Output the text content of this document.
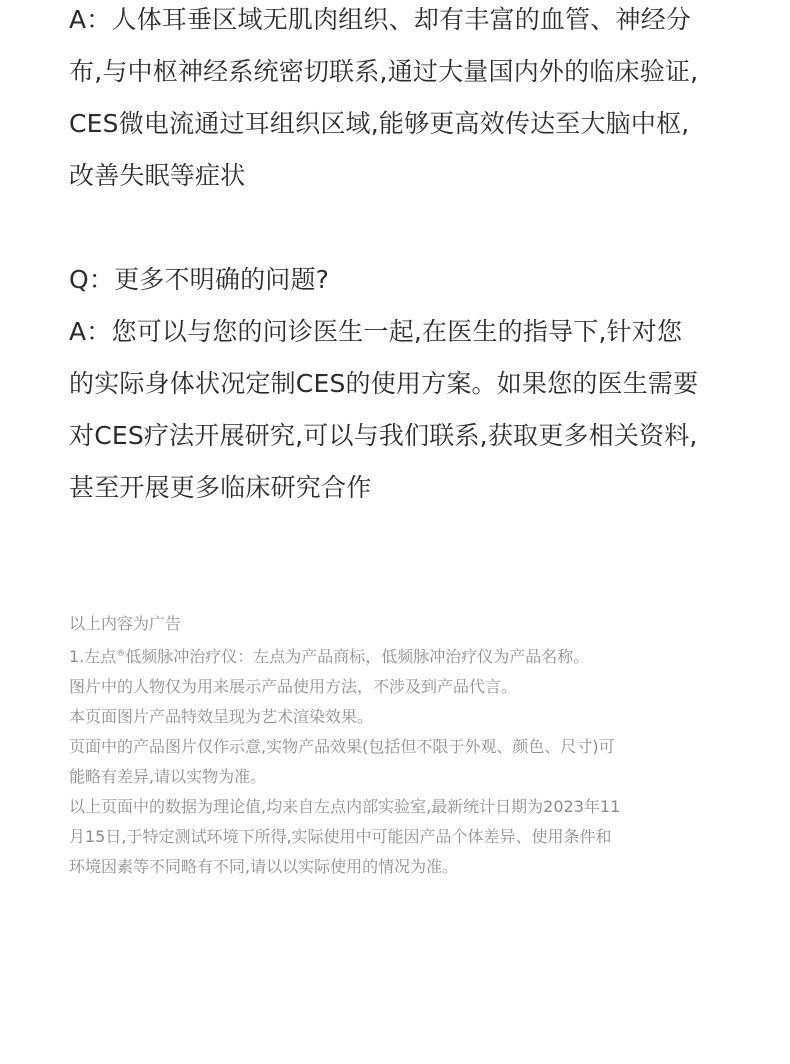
A：人体耳垂区域无肌肉组织、却有丰富的血管、神经分

布,与中枢神经系统密切联系,通过大量国内外的临床验证,

CES微电流通过耳组织区域,能够更高效传达至大脑中枢,

改善失眠等症状

Q：更多不明确的问题?

A：您可以与您的问诊医生一起,在医生的指导下,针对您

的实际身体状况定制CES的使用方案。如果您的医生需要

对CES疗法开展研究,可以与我们联系,获取更多相关资料,

甚至开展更多临床研究合作

以上内容为广告

1.左点®低频脉冲治疗仪：左点为产品商标，低频脉冲治疗仪为产品名称。

图片中的人物仅为用来展示产品使用方法，不涉及到产品代言。

本页面图片产品特效呈现为艺术渲染效果。

页面中的产品图片仅作示意,实物产品效果(包括但不限于外观、颜色、尺寸)可

能略有差异,请以实物为准。

以上页面中的数据为理论值,均来自左点内部实验室,最新统计日期为2023年11

月15日,于特定测试环境下所得,实际使用中可能因产品个体差异、使用条件和

环境因素等不同略有不同,请以以实际使用的情况为准。
